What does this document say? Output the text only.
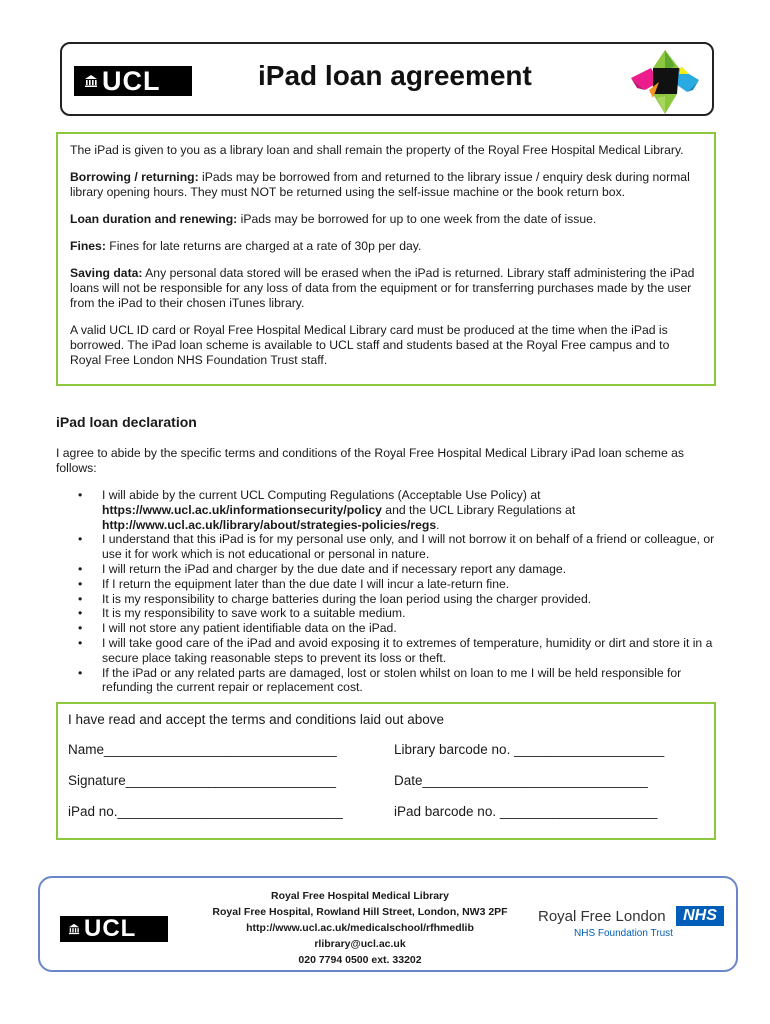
UCL	iPad loan agreement

The iPad is given to you as a library loan and shall remain the property of the Royal Free Hospital Medical Library.

Borrowing / returning: iPads may be borrowed from and returned to the library issue / enquiry desk during normal library opening hours. They must NOT be returned using the self-issue machine or the book return box.

Loan duration and renewing: iPads may be borrowed for up to one week from the date of issue.

Fines: Fines for late returns are charged at a rate of 30p per day.

Saving data: Any personal data stored will be erased when the iPad is returned. Library staff administering the iPad loans will not be responsible for any loss of data from the equipment or for transferring purchases made by the user from the iPad to their chosen iTunes library.

A valid UCL ID card or Royal Free Hospital Medical Library card must be produced at the time when the iPad is borrowed. The iPad loan scheme is available to UCL staff and students based at the Royal Free campus and to Royal Free London NHS Foundation Trust staff.

iPad loan declaration
I agree to abide by the specific terms and conditions of the Royal Free Hospital Medical Library iPad loan scheme as follows:
• I will abide by the current UCL Computing Regulations (Acceptable Use Policy) at https://www.ucl.ac.uk/informationsecurity/policy and the UCL Library Regulations at http://www.ucl.ac.uk/library/about/strategies-policies/regs.
• I understand that this iPad is for my personal use only, and I will not borrow it on behalf of a friend or colleague, or use it for work which is not educational or personal in nature.
• I will return the iPad and charger by the due date and if necessary report any damage.
• If I return the equipment later than the due date I will incur a late-return fine.
• It is my responsibility to charge batteries during the loan period using the charger provided.
• It is my responsibility to save work to a suitable medium.
• I will not store any patient identifiable data on the iPad.
• I will take good care of the iPad and avoid exposing it to extremes of temperature, humidity or dirt and store it in a secure place taking reasonable steps to prevent its loss or theft.
• If the iPad or any related parts are damaged, lost or stolen whilst on loan to me I will be held responsible for refunding the current repair or replacement cost.
I have read and accept the terms and conditions laid out above
Name_______________________________	Library barcode no. ____________________
Signature____________________________	Date______________________________
iPad no.______________________________	iPad barcode no. _____________________
UCL
Royal Free Hospital Medical Library
Royal Free Hospital, Rowland Hill Street, London, NW3 2PF
http://www.ucl.ac.uk/medicalschool/rfhmedlib
rlibrary@ucl.ac.uk
020 7794 0500 ext. 33202
Royal Free London	NHS
NHS Foundation Trust
